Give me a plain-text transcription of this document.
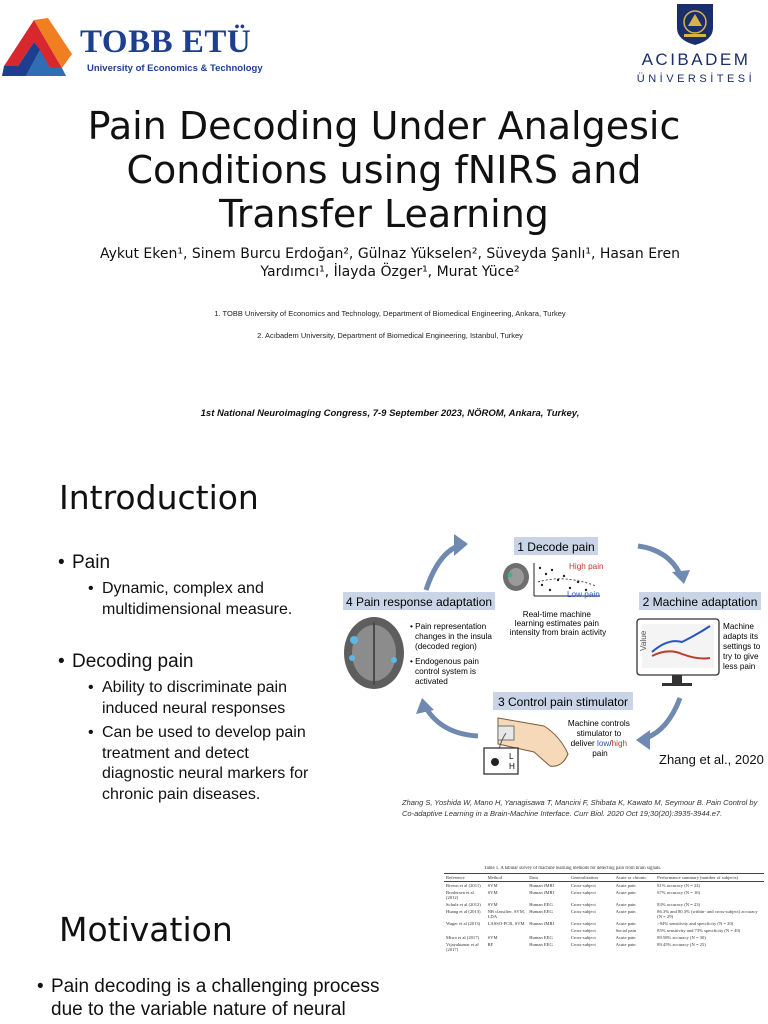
TOBB ETÜ
University of Economics & Technology	ACIBADEM
ÜNİVERSİTESİ
Pain Decoding Under Analgesic Conditions using fNIRS and Transfer Learning
Aykut Eken¹, Sinem Burcu Erdoğan², Gülnaz Yükselen², Süveyda Şanlı¹, Hasan Eren Yardımcı¹, İlayda Özger¹, Murat Yüce²
1. TOBB University of Economics and Technology, Department of Biomedical Engineering, Ankara, Turkey
2. Acıbadem University, Department of Biomedical Engineering, Istanbul, Turkey
1st National Neuroimaging Congress, 7-9 September 2023, NÖROM, Ankara, Turkey,
Introduction
• Pain
• Dynamic, complex and multidimensional measure.
• Decoding pain
• Ability to discriminate pain induced neural responses
• Can be used to develop pain treatment and detect diagnostic neural markers for chronic pain diseases.
1 Decode pain
High pain
Low pain
Real-time machine learning estimates pain intensity from brain activity
2 Machine adaptation
Value
Machine adapts its settings to try to give less pain
4 Pain response adaptation
• Pain representation changes in the insula (decoded region)
• Endogenous pain control system is activated
3 Control pain stimulator
L
H
Machine controls stimulator to deliver low/high pain	Zhang et al., 2020
Zhang S, Yoshida W, Mano H, Yanagisawa T, Mancini F, Shibata K, Kawato M, Seymour B. Pain Control by Co-adaptive Learning in a Brain-Machine Interface. Curr Biol. 2020 Oct 19;30(20):3935-3944.e7.
Table 1. A tabular survey of machine learning methods for detecting pain from brain signals.
Reference	Method	Data	Generalization	Acute or chronic	Performance summary (number of subjects)
Brown et al (2011)	SVM	Human fMRI	Cross-subject	Acute pain	81% accuracy (N = 24)
Brodersen et al (2012)	SVM	Human fMRI	Cross-subject	Acute pain	67% accuracy (N = 16)
Schulz et al (2012)	SVM	Human EEG	Cross-subject	Acute pain	83% accuracy (N = 23)
Huang et al (2013)	NB classifier, SVM, LDA	Human EEG	Cross-subject	Acute pain	86.3% and 80.3% (within- and cross-subject) accuracy (N = 29)
Wager et al (2013)	LASSO-PCR, SVM	Human fMRI	Cross-subject	Acute pain	>94% sensitivity and specificity (N = 20)
			Cross-subject	Social pain	85% sensitivity and 73% specificity (N = 40)
Misra et al (2017)	SVM	Human EEG	Cross-subject	Acute pain	89.58% accuracy (N = 30)
Vijayakumar et al (2017)	RF	Human EEG	Cross-subject	Acute pain	89.45% accuracy (N = 25)
Motivation
• Pain decoding is a challenging process due to the variable nature of neural
